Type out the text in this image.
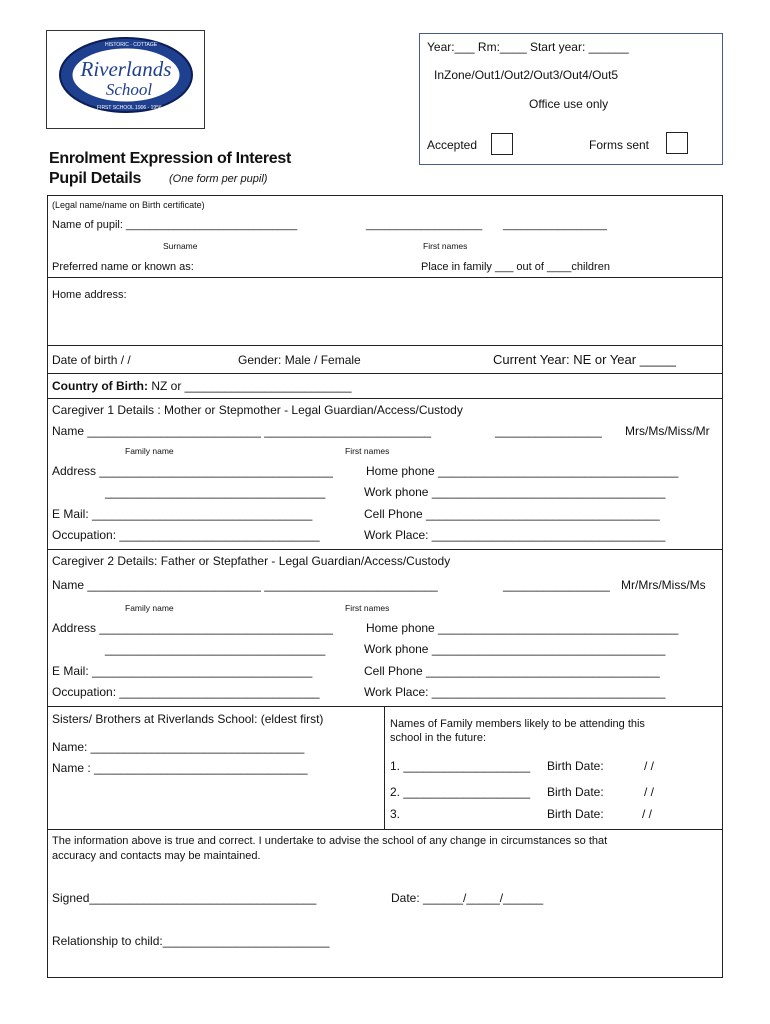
Riverlands
School
HISTORIC · COTTAGE
FIRST SCHOOL 1906 - 1956
Year:___ Rm:____ Start year: ______
InZone/Out1/Out2/Out3/Out4/Out5
Office use only
Accepted	Forms sent
Enrolment Expression of Interest
Pupil Details	(One form per pupil)
(Legal name/name on Birth certificate)
Name of pupil: ____________________________	___________________ _________________
Surname	First names
Preferred name or known as:	Place in family ___ out of ____children
Home address:
Date of birth / /	Gender: Male / Female	Current Year: NE or Year _____
Country of Birth: NZ or _________________________
Caregiver 1 Details : Mother or Stepmother - Legal Guardian/Access/Custody
Name __________________________ _________________________	________________ Mrs/Ms/Miss/Mr
Family name	First names
Address ___________________________________	Home phone ____________________________________
_________________________________	Work phone ___________________________________
E Mail: _________________________________	Cell Phone ___________________________________
Occupation: ______________________________	Work Place: ___________________________________
Caregiver 2 Details: Father or Stepfather - Legal Guardian/Access/Custody
Name __________________________ __________________________	________________ Mr/Mrs/Miss/Ms
Family name	First names
Address ___________________________________	Home phone ____________________________________
_________________________________	Work phone ___________________________________
E Mail: _________________________________	Cell Phone ___________________________________
Occupation: ______________________________	Work Place: ___________________________________
Sisters/ Brothers at Riverlands School: (eldest first)
Name: ________________________________
Name : ________________________________
Names of Family members likely to be attending this
school in the future:
1. ___________________ Birth Date:	/ /
2. ___________________ Birth Date:	/ /
3.	Birth Date:	/ /
The information above is true and correct. I undertake to advise the school of any change in circumstances so that
accuracy and contacts may be maintained.
Signed__________________________________	Date: ______/_____/______
Relationship to child:_________________________
